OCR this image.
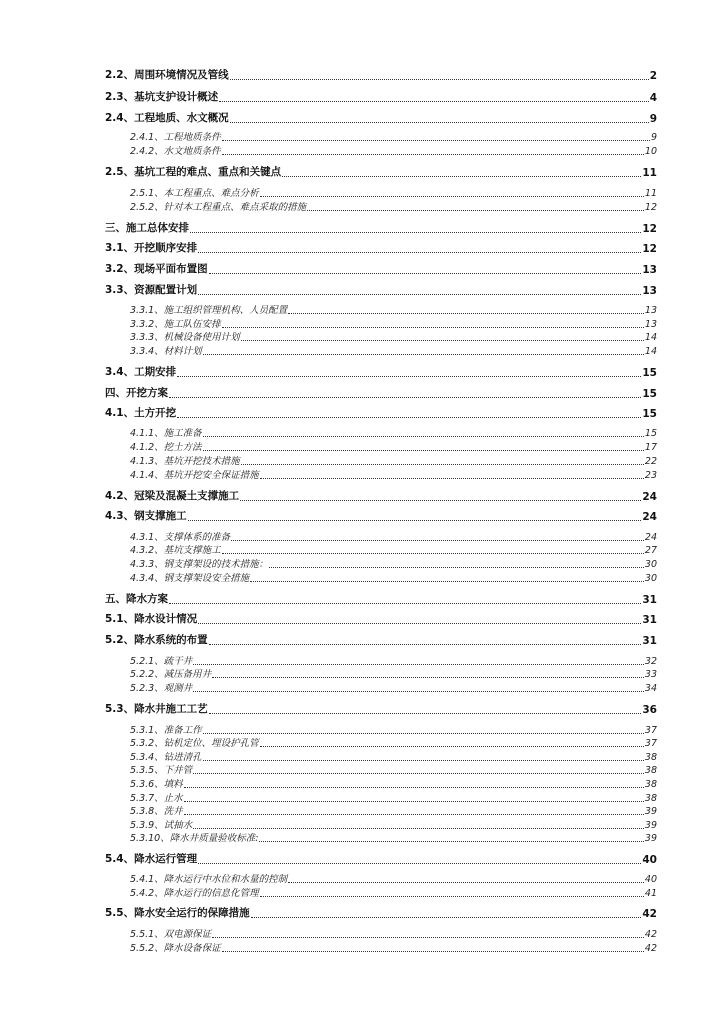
2.2、周围环境情况及管线	2
2.3、基坑支护设计概述	4
2.4、工程地质、水文概况	9
2.4.1、工程地质条件	9
2.4.2、水文地质条件	10
2.5、基坑工程的难点、重点和关键点	11
2.5.1、本工程重点、难点分析	11
2.5.2、针对本工程重点、难点采取的措施	12
三、施工总体安排	12
3.1、开挖顺序安排	12
3.2、现场平面布置图	13
3.3、资源配置计划	13
3.3.1、施工组织管理机构、人员配置	13
3.3.2、施工队伍安排	13
3.3.3、机械设备使用计划	14
3.3.4、材料计划	14
3.4、工期安排	15
四、开挖方案	15
4.1、土方开挖	15
4.1.1、施工准备	15
4.1.2、挖土方法	17
4.1.3、基坑开挖技术措施	22
4.1.4、基坑开挖安全保证措施	23
4.2、冠梁及混凝土支撑施工	24
4.3、钢支撑施工	24
4.3.1、支撑体系的准备	24
4.3.2、基坑支撑施工	27
4.3.3、钢支撑架设的技术措施：	30
4.3.4、钢支撑架设安全措施	30
五、降水方案	31
5.1、降水设计情况	31
5.2、降水系统的布置	31
5.2.1、疏干井	32
5.2.2、减压备用井	33
5.2.3、观测井	34
5.3、降水井施工工艺	36
5.3.1、准备工作	37
5.3.2、钻机定位、埋设护孔管	37
5.3.4、钻进清孔	38
5.3.5、下井管	38
5.3.6、填料	38
5.3.7、止水	38
5.3.8、洗井	39
5.3.9、试抽水	39
5.3.10、降水井质量验收标准:	39
5.4、降水运行管理	40
5.4.1、降水运行中水位和水量的控制	40
5.4.2、降水运行的信息化管理	41
5.5、降水安全运行的保障措施	42
5.5.1、双电源保证	42
5.5.2、降水设备保证	42
